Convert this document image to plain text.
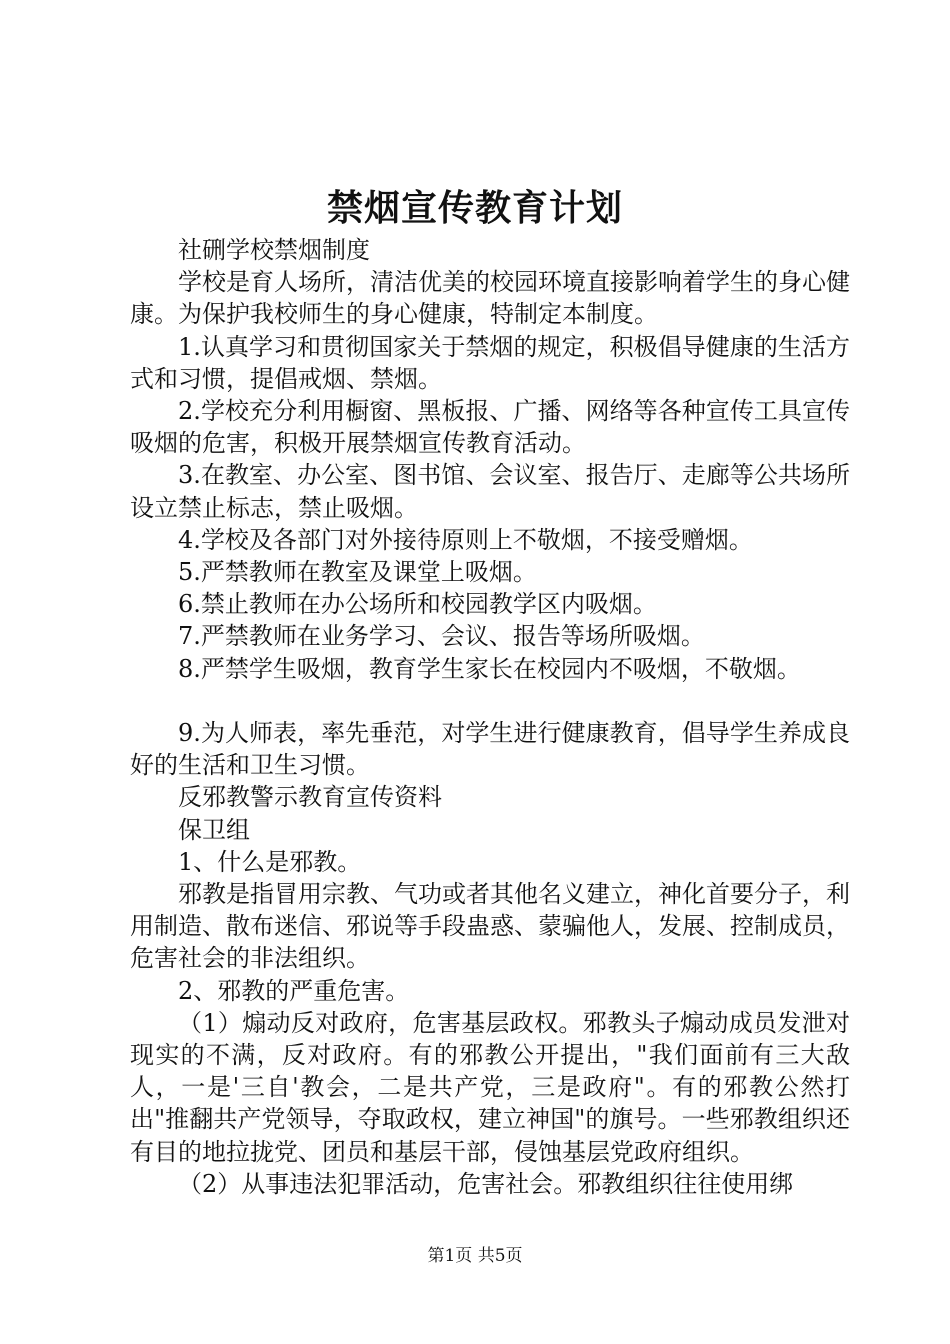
禁烟宣传教育计划

社硎学校禁烟制度

学校是育人场所，清洁优美的校园环境直接影响着学生的身心健康。为保护我校师生的身心健康，特制定本制度。

1.认真学习和贯彻国家关于禁烟的规定，积极倡导健康的生活方式和习惯，提倡戒烟、禁烟。

2.学校充分利用橱窗、黑板报、广播、网络等各种宣传工具宣传吸烟的危害，积极开展禁烟宣传教育活动。

3.在教室、办公室、图书馆、会议室、报告厅、走廊等公共场所设立禁止标志，禁止吸烟。

4.学校及各部门对外接待原则上不敬烟，不接受赠烟。

5.严禁教师在教室及课堂上吸烟。

6.禁止教师在办公场所和校园教学区内吸烟。

7.严禁教师在业务学习、会议、报告等场所吸烟。

8.严禁学生吸烟，教育学生家长在校园内不吸烟，不敬烟。

9.为人师表，率先垂范，对学生进行健康教育，倡导学生养成良好的生活和卫生习惯。

反邪教警示教育宣传资料

保卫组

1、什么是邪教。

邪教是指冒用宗教、气功或者其他名义建立，神化首要分子，利用制造、散布迷信、邪说等手段蛊惑、蒙骗他人，发展、控制成员，危害社会的非法组织。

2、邪教的严重危害。

（1）煽动反对政府，危害基层政权。邪教头子煽动成员发泄对现实的不满，反对政府。有的邪教公开提出，"我们面前有三大敌人，一是'三自'教会，二是共产党，三是政府"。有的邪教公然打出"推翻共产党领导，夺取政权，建立神国"的旗号。一些邪教组织还有目的地拉拢党、团员和基层干部，侵蚀基层党政府组织。

（2）从事违法犯罪活动，危害社会。邪教组织往往使用绑

第1页 共5页
